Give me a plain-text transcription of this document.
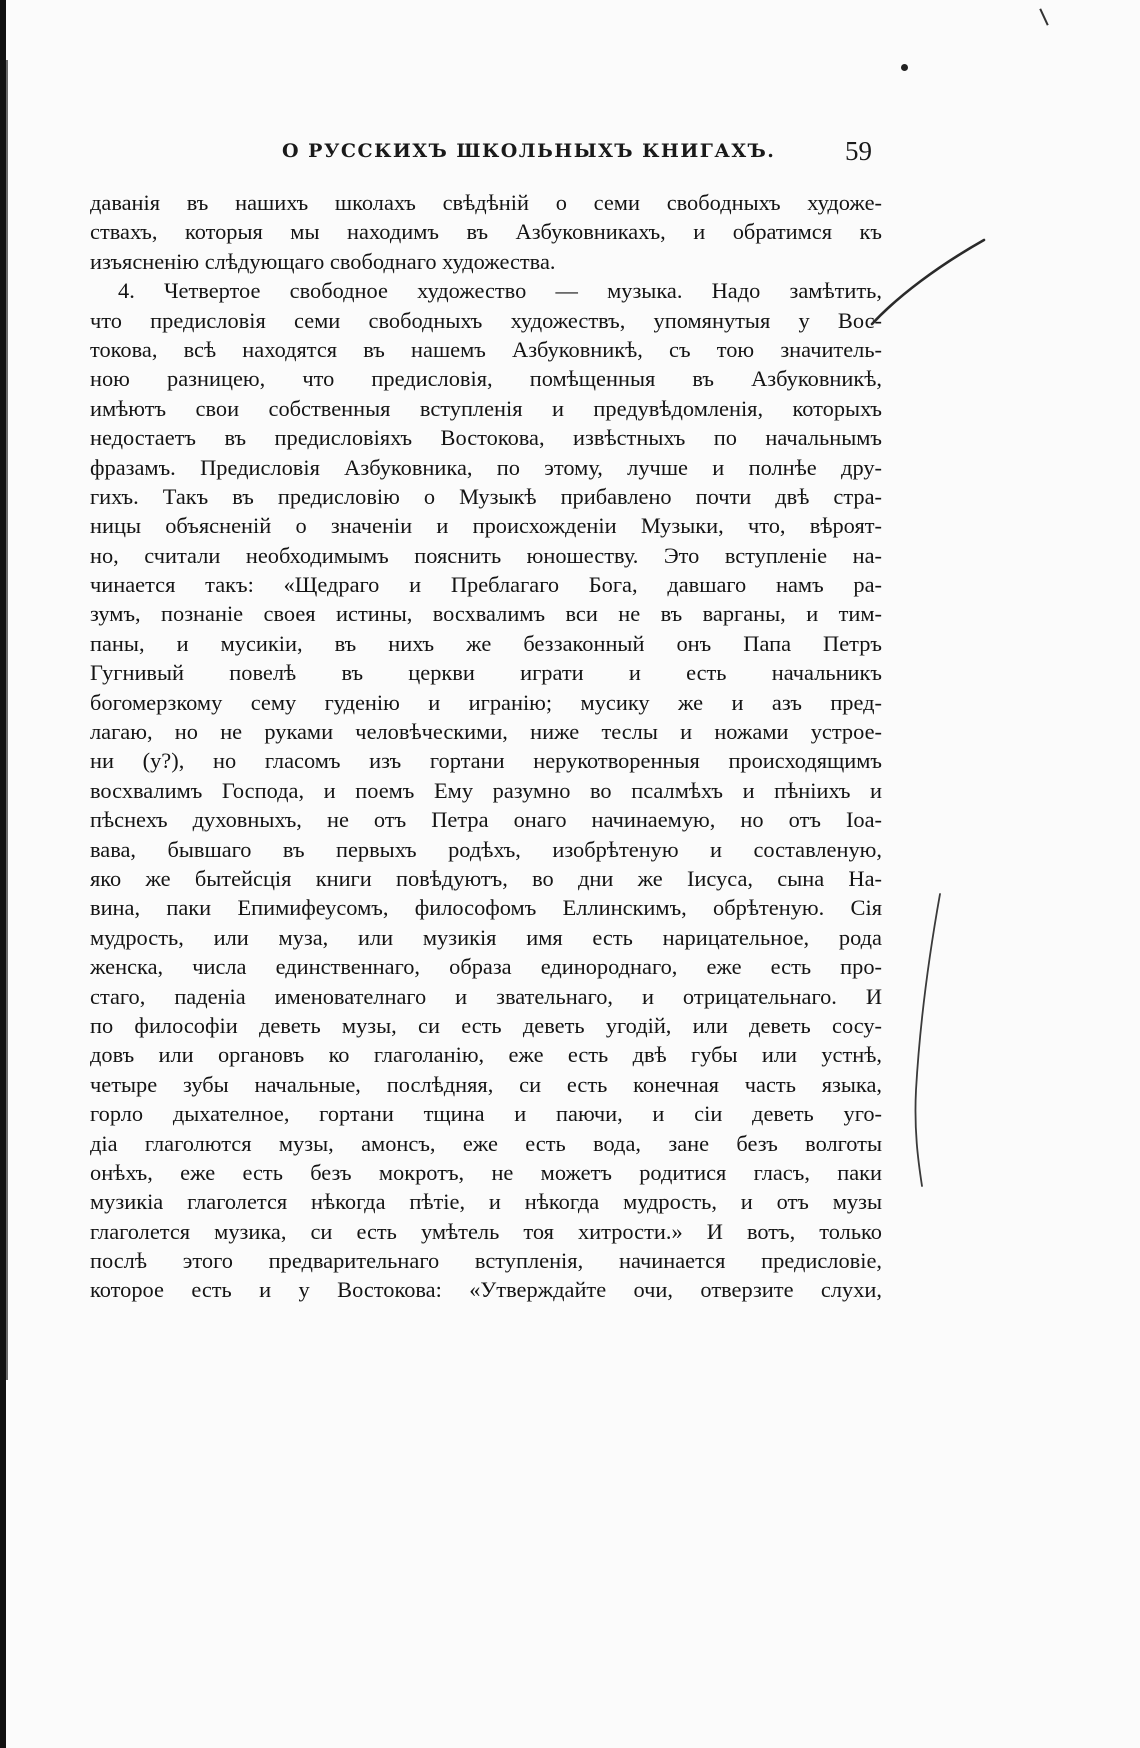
О РУССКИХЪ ШКОЛЬНЫХЪ КНИГАХЪ.	59
даванія въ нашихъ школахъ свѣдѣній о семи свободныхъ художе-
ствахъ, которыя мы находимъ въ Азбуковникахъ, и обратимся къ
изъясненію слѣдующаго свободнаго художества.
4. Четвертое свободное художество — музыка. Надо замѣтить,
что предисловія семи свободныхъ художествъ, упомянутыя у Вос-
токова, всѣ находятся въ нашемъ Азбуковникѣ, съ тою значитель-
ною разницею, что предисловія, помѣщенныя въ Азбуковникѣ,
имѣютъ свои собственныя вступленія и предувѣдомленія, которыхъ
недостаетъ въ предисловіяхъ Востокова, извѣстныхъ по начальнымъ
фразамъ. Предисловія Азбуковника, по этому, лучше и полнѣе дру-
гихъ. Такъ въ предисловію о Музыкѣ прибавлено почти двѣ стра-
ницы объясненій о значеніи и происхожденіи Музыки, что, вѣроят-
но, считали необходимымъ пояснить юношеству. Это вступленіе на-
чинается такъ: «Щедраго и Преблагаго Бога, давшаго намъ ра-
зумъ, познаніе своея истины, восхвалимъ вси не въ варганы, и тим-
паны, и мусикіи, въ нихъ же беззаконный онъ Папа Петръ
Гугнивый повелѣ въ церкви играти и есть начальникъ
богомерзкому сему гуденію и игранію; мусику же и азъ пред-
лагаю, но не руками человѣческими, ниже теслы и ножами устрое-
ни (у?), но гласомъ изъ гортани нерукотворенныя происходящимъ
восхвалимъ Господа, и поемъ Ему разумно во псалмѣхъ и пѣніихъ и
пѣснехъ духовныхъ, не отъ Петра онаго начинаемую, но отъ Іоа-
вава, бывшаго въ первыхъ родѣхъ, изобрѣтеную и составленую,
яко же бытейсція книги повѣдуютъ, во дни же Іисуса, сына На-
вина, паки Епимифеусомъ, философомъ Еллинскимъ, обрѣтеную. Сія
мудрость, или муза, или музикія имя есть нарицательное, рода
женска, числа единственнаго, образа единороднаго, еже есть про-
стаго, паденіа именователнаго и звательнаго, и отрицательнаго. И
по философіи деветь музы, си есть деветь угодій, или деветь сосу-
довъ или органовъ ко глаголанію, еже есть двѣ губы или устнѣ,
четыре зубы начальные, послѣдняя, си есть конечная часть языка,
горло дыхателное, гортани тщина и паючи, и сіи деветь уго-
діа глаголются музы, амонсъ, еже есть вода, зане безъ волготы
онѣхъ, еже есть безъ мокротъ, не можетъ родитися гласъ, паки
музикіа глаголется нѣкогда пѣтіе, и нѣкогда мудрость, и отъ музы
глаголется музика, си есть умѣтель тоя хитрости.» И вотъ, только
послѣ этого предварительнаго вступленія, начинается предисловіе,
которое есть и у Востокова: «Утверждайте очи, отверзите слухи,
